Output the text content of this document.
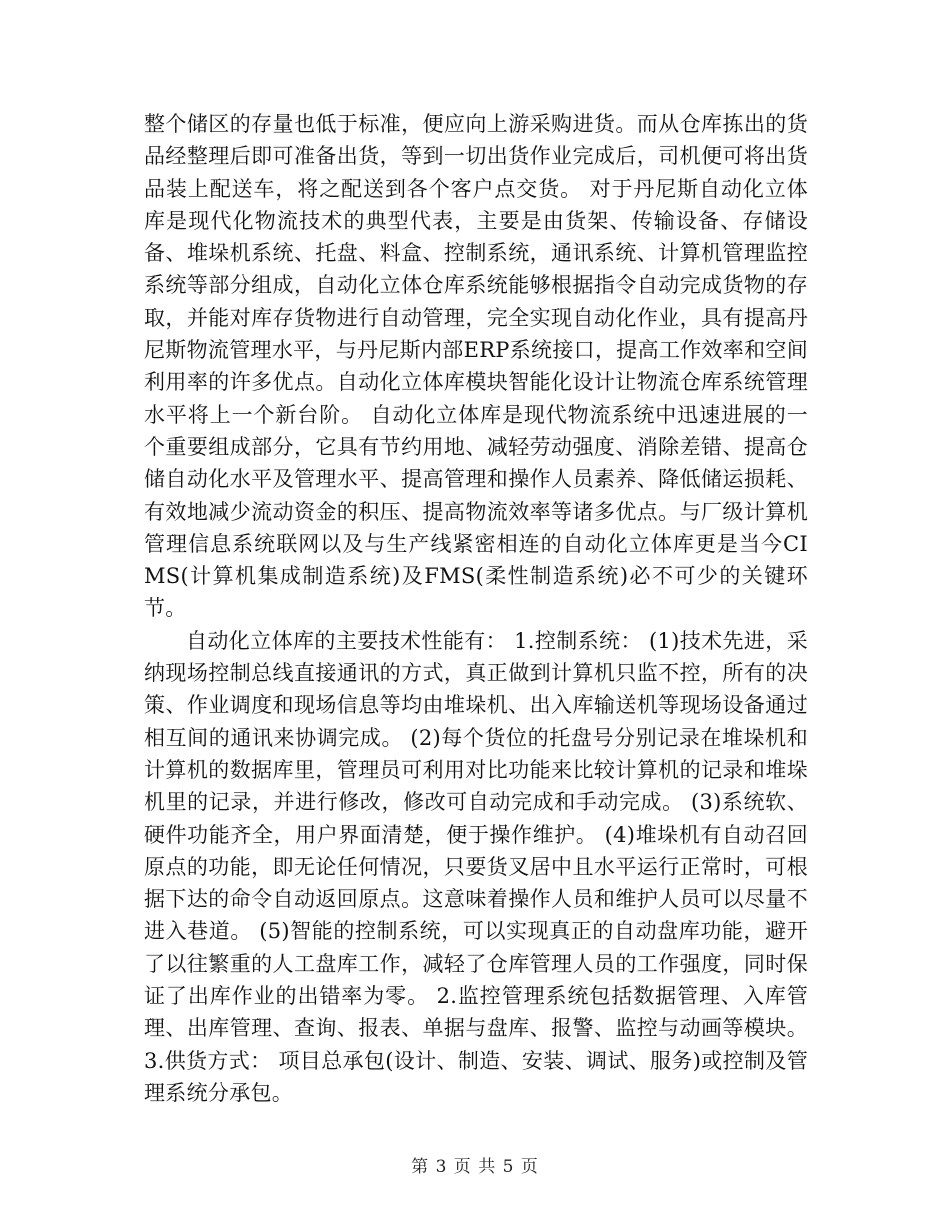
整个储区的存量也低于标准，便应向上游采购进货。而从仓库拣出的货品经整理后即可准备出货，等到一切出货作业完成后，司机便可将出货品装上配送车，将之配送到各个客户点交货。 对于丹尼斯自动化立体库是现代化物流技术的典型代表，主要是由货架、传输设备、存储设备、堆垛机系统、托盘、料盒、控制系统，通讯系统、计算机管理监控系统等部分组成，自动化立体仓库系统能够根据指令自动完成货物的存取，并能对库存货物进行自动管理，完全实现自动化作业，具有提高丹尼斯物流管理水平，与丹尼斯内部ERP系统接口，提高工作效率和空间利用率的许多优点。自动化立体库模块智能化设计让物流仓库系统管理水平将上一个新台阶。 自动化立体库是现代物流系统中迅速进展的一个重要组成部分，它具有节约用地、减轻劳动强度、消除差错、提高仓储自动化水平及管理水平、提高管理和操作人员素养、降低储运损耗、有效地减少流动资金的积压、提高物流效率等诸多优点。与厂级计算机管理信息系统联网以及与生产线紧密相连的自动化立体库更是当今CIMS(计算机集成制造系统)及FMS(柔性制造系统)必不可少的关键环节。

自动化立体库的主要技术性能有： 1.控制系统： (1)技术先进，采纳现场控制总线直接通讯的方式，真正做到计算机只监不控，所有的决策、作业调度和现场信息等均由堆垛机、出入库输送机等现场设备通过相互间的通讯来协调完成。 (2)每个货位的托盘号分别记录在堆垛机和计算机的数据库里，管理员可利用对比功能来比较计算机的记录和堆垛机里的记录，并进行修改，修改可自动完成和手动完成。 (3)系统软、硬件功能齐全，用户界面清楚，便于操作维护。 (4)堆垛机有自动召回原点的功能，即无论任何情况，只要货叉居中且水平运行正常时，可根据下达的命令自动返回原点。这意味着操作人员和维护人员可以尽量不进入巷道。 (5)智能的控制系统，可以实现真正的自动盘库功能，避开了以往繁重的人工盘库工作，减轻了仓库管理人员的工作强度，同时保证了出库作业的出错率为零。 2.监控管理系统包括数据管理、入库管理、出库管理、查询、报表、单据与盘库、报警、监控与动画等模块。 3.供货方式： 项目总承包(设计、制造、安装、调试、服务)或控制及管理系统分承包。

第 3 页 共 5 页
